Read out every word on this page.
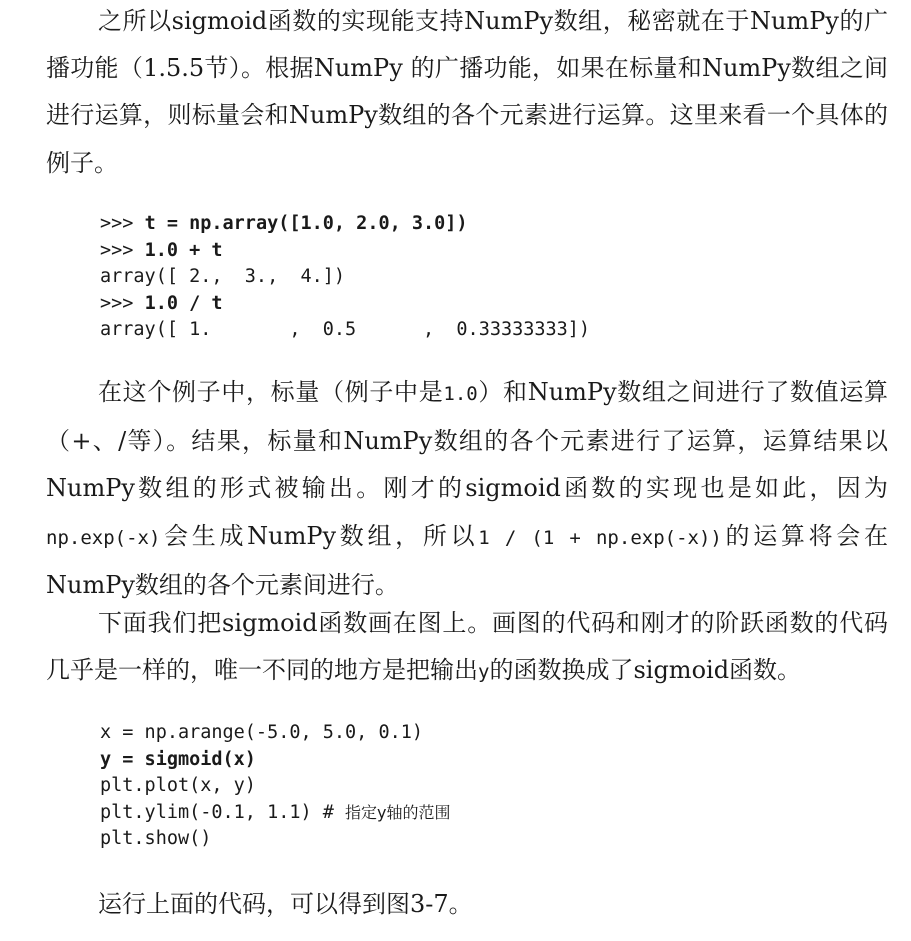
之所以sigmoid函数的实现能支持NumPy数组，秘密就在于NumPy的广播功能（1.5.5节）。根据NumPy 的广播功能，如果在标量和NumPy数组之间进行运算，则标量会和NumPy数组的各个元素进行运算。这里来看一个具体的例子。

>>> t = np.array([1.0, 2.0, 3.0])
>>> 1.0 + t
array([ 2.,  3.,  4.])
>>> 1.0 / t
array([ 1.       ,  0.5      ,  0.33333333])

在这个例子中，标量（例子中是1.0）和NumPy数组之间进行了数值运算（+、/等）。结果，标量和NumPy数组的各个元素进行了运算，运算结果以NumPy数组的形式被输出。刚才的sigmoid函数的实现也是如此，因为np.exp(-x)会生成NumPy数组，所以1 / (1 + np.exp(-x))的运算将会在NumPy数组的各个元素间进行。

下面我们把sigmoid函数画在图上。画图的代码和刚才的阶跃函数的代码几乎是一样的，唯一不同的地方是把输出y的函数换成了sigmoid函数。

x = np.arange(-5.0, 5.0, 0.1)
y = sigmoid(x)
plt.plot(x, y)
plt.ylim(-0.1, 1.1) # 指定y轴的范围
plt.show()

运行上面的代码，可以得到图3-7。
